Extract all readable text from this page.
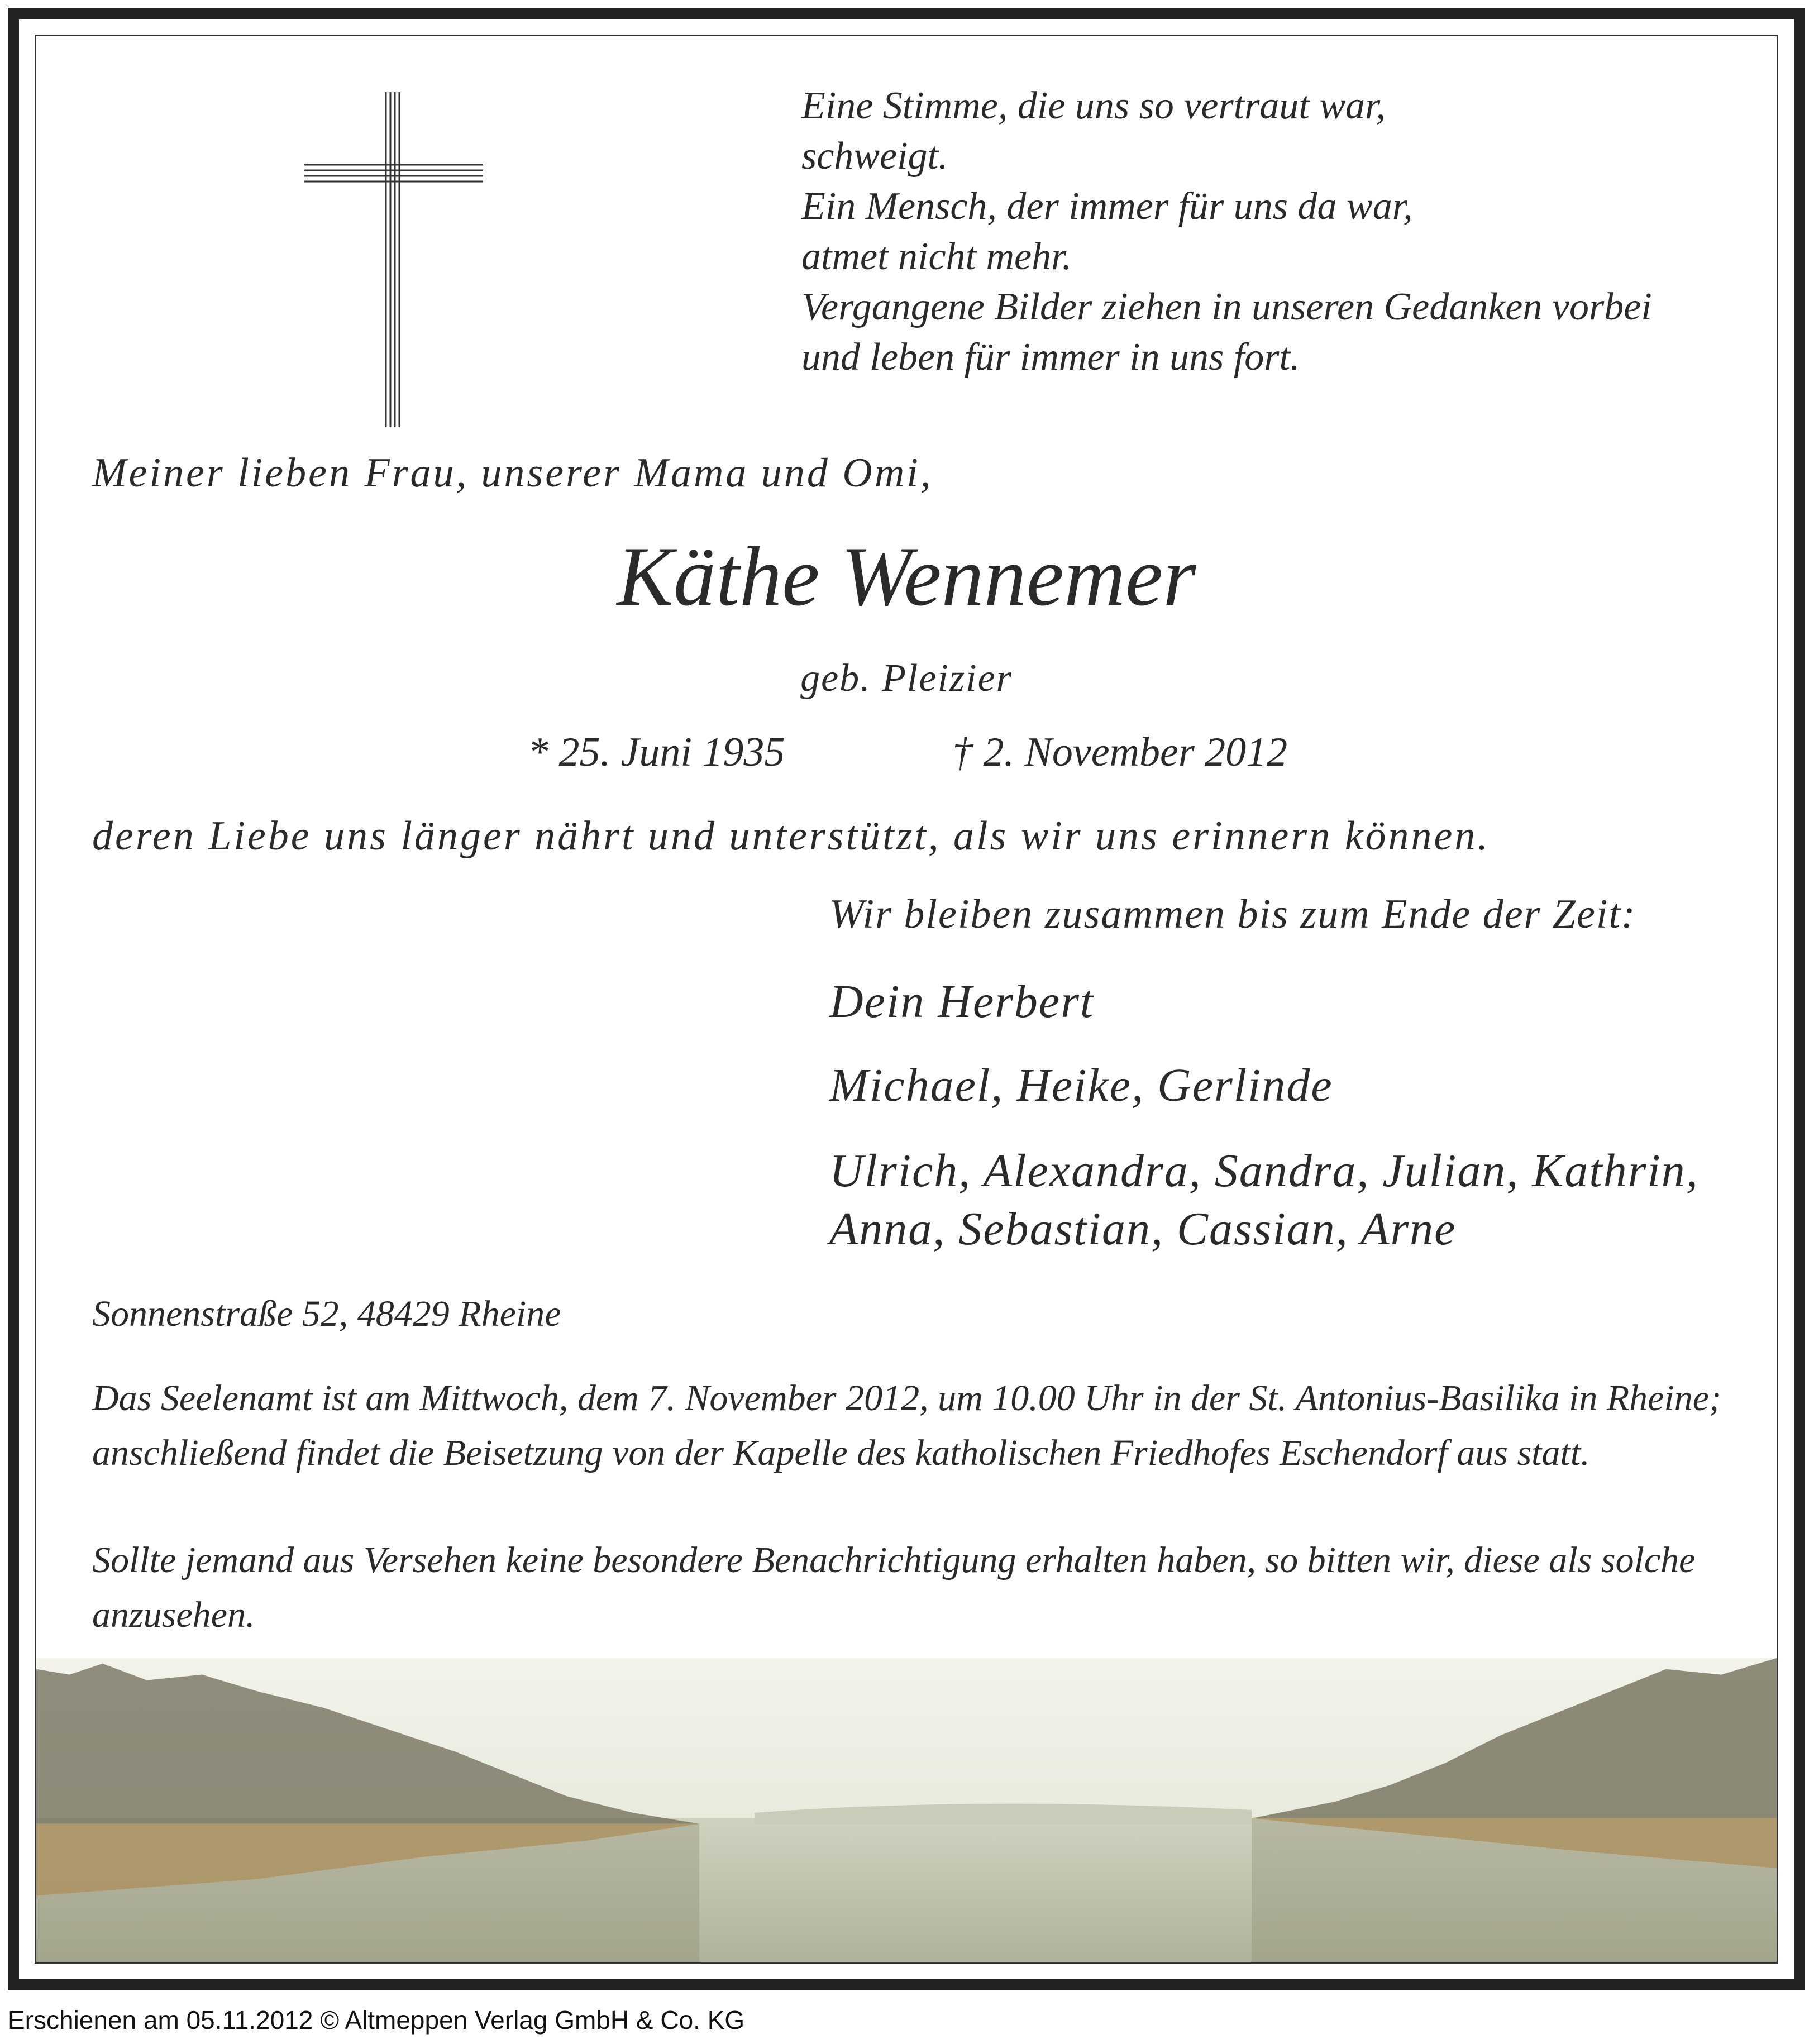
Eine Stimme, die uns so vertraut war,
schweigt.
Ein Mensch, der immer für uns da war,
atmet nicht mehr.
Vergangene Bilder ziehen in unseren Gedanken vorbei
und leben für immer in uns fort.
Meiner lieben Frau, unserer Mama und Omi,
Käthe Wennemer
geb. Pleizier
* 25. Juni 1935	† 2. November 2012
deren Liebe uns länger nährt und unterstützt, als wir uns erinnern können.
Wir bleiben zusammen bis zum Ende der Zeit:
Dein Herbert
Michael, Heike, Gerlinde
Ulrich, Alexandra, Sandra, Julian, Kathrin,
Anna, Sebastian, Cassian, Arne
Sonnenstraße 52, 48429 Rheine
Das Seelenamt ist am Mittwoch, dem 7. November 2012, um 10.00 Uhr in der St. Antonius-Basilika in Rheine; anschließend findet die Beisetzung von der Kapelle des katholischen Friedhofes Eschendorf aus statt.
Sollte jemand aus Versehen keine besondere Benachrichtigung erhalten haben, so bitten wir, diese als solche anzusehen.
Erschienen am 05.11.2012 © Altmeppen Verlag GmbH & Co. KG
